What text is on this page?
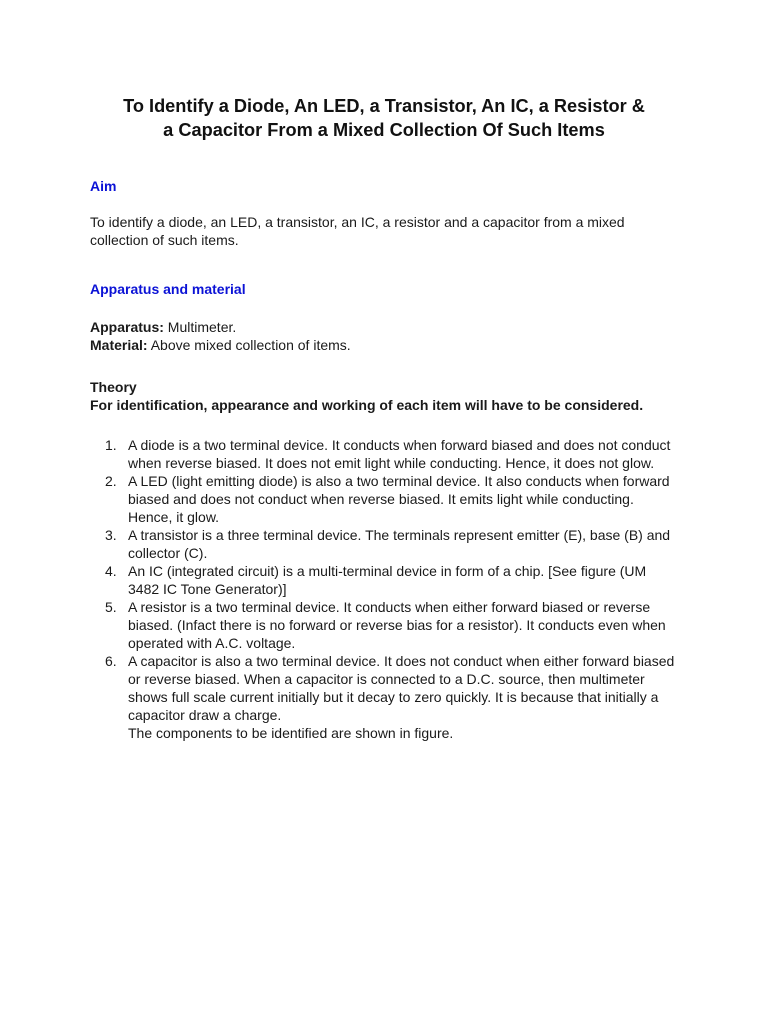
To Identify a Diode, An LED, a Transistor, An IC, a Resistor &
a Capacitor From a Mixed Collection Of Such Items
Aim

To identify a diode, an LED, a transistor, an IC, a resistor and a capacitor from a mixed collection of such items.

Apparatus and material

Apparatus: Multimeter.

Material: Above mixed collection of items.

Theory

For identification, appearance and working of each item will have to be considered.

1. A diode is a two terminal device. It conducts when forward biased and does not conduct when reverse biased. It does not emit light while conducting. Hence, it does not glow.
2. A LED (light emitting diode) is also a two terminal device. It also conducts when forward biased and does not conduct when reverse biased. It emits light while conducting. Hence, it glow.
3. A transistor is a three terminal device. The terminals represent emitter (E), base (B) and collector (C).
4. An IC (integrated circuit) is a multi-terminal device in form of a chip. [See figure (UM 3482 IC Tone Generator)]
5. A resistor is a two terminal device. It conducts when either forward biased or reverse biased. (Infact there is no forward or reverse bias for a resistor). It conducts even when operated with A.C. voltage.
6. A capacitor is also a two terminal device. It does not conduct when either forward biased or reverse biased. When a capacitor is connected to a D.C. source, then multimeter shows full scale current initially but it decay to zero quickly. It is because that initially a capacitor draw a charge.
The components to be identified are shown in figure.
